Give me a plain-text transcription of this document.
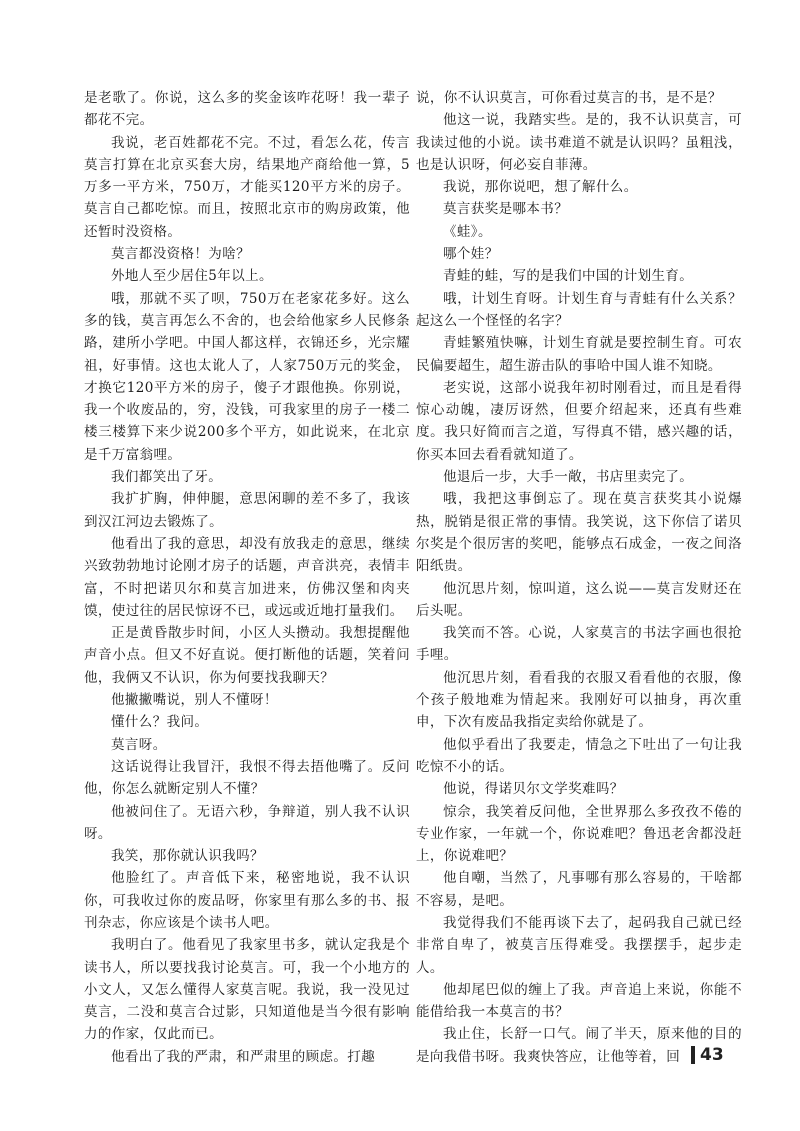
是老歌了。你说，这么多的奖金该咋花呀！我一辈子都花不完。

我说，老百姓都花不完。不过，看怎么花，传言莫言打算在北京买套大房，结果地产商给他一算，5万多一平方米，750万，才能买120平方米的房子。莫言自己都吃惊。而且，按照北京市的购房政策，他还暂时没资格。

莫言都没资格！为啥？

外地人至少居住5年以上。

哦，那就不买了呗，750万在老家花多好。这么多的钱，莫言再怎么不舍的，也会给他家乡人民修条路，建所小学吧。中国人都这样，衣锦还乡，光宗耀祖，好事情。这也太讹人了，人家750万元的奖金，才换它120平方米的房子，傻子才跟他换。你别说，我一个收废品的，穷，没钱，可我家里的房子一楼二楼三楼算下来少说200多个平方，如此说来，在北京是千万富翁哩。

我们都笑出了牙。

我扩扩胸，伸伸腿，意思闲聊的差不多了，我该到汉江河边去锻炼了。

他看出了我的意思，却没有放我走的意思，继续兴致勃勃地讨论刚才房子的话题，声音洪亮，表情丰富，不时把诺贝尔和莫言加进来，仿佛汉堡和肉夹馍，使过往的居民惊讶不已，或远或近地打量我们。

正是黄昏散步时间，小区人头攒动。我想提醒他声音小点。但又不好直说。便打断他的话题，笑着问他，我俩又不认识，你为何要找我聊天？

他撇撇嘴说，别人不懂呀！

懂什么？我问。

莫言呀。

这话说得让我冒汗，我恨不得去捂他嘴了。反问他，你怎么就断定别人不懂？

他被问住了。无语六秒，争辩道，别人我不认识呀。

我笑，那你就认识我吗？

他脸红了。声音低下来，秘密地说，我不认识你，可我收过你的废品呀，你家里有那么多的书、报刊杂志，你应该是个读书人吧。

我明白了。他看见了我家里书多，就认定我是个读书人，所以要找我讨论莫言。可，我一个小地方的小文人，又怎么懂得人家莫言呢。我说，我一没见过莫言，二没和莫言合过影，只知道他是当今很有影响力的作家，仅此而已。

他看出了我的严肃，和严肃里的顾虑。打趣

说，你不认识莫言，可你看过莫言的书，是不是？

他这一说，我踏实些。是的，我不认识莫言，可我读过他的小说。读书难道不就是认识吗？虽粗浅，也是认识呀，何必妄自菲薄。

我说，那你说吧，想了解什么。

莫言获奖是哪本书？

《蛙》。

哪个娃？

青蛙的蛙，写的是我们中国的计划生育。

哦，计划生育呀。计划生育与青蛙有什么关系？起这么一个怪怪的名字？

青蛙繁殖快嘛，计划生育就是要控制生育。可农民偏要超生，超生游击队的事哈中国人谁不知晓。

老实说，这部小说我年初时刚看过，而且是看得惊心动魄，凄厉讶然，但要介绍起来，还真有些难度。我只好简而言之道，写得真不错，感兴趣的话，你买本回去看看就知道了。

他退后一步，大手一敞，书店里卖完了。

哦，我把这事倒忘了。现在莫言获奖其小说爆热，脱销是很正常的事情。我笑说，这下你信了诺贝尔奖是个很厉害的奖吧，能够点石成金，一夜之间洛阳纸贵。

他沉思片刻，惊叫道，这么说——莫言发财还在后头呢。

我笑而不答。心说，人家莫言的书法字画也很抢手哩。

他沉思片刻，看看我的衣服又看看他的衣服，像个孩子般地难为情起来。我刚好可以抽身，再次重申，下次有废品我指定卖给你就是了。

他似乎看出了我要走，情急之下吐出了一句让我吃惊不小的话。

他说，得诺贝尔文学奖难吗？

惊佘，我笑着反问他，全世界那么多孜孜不倦的专业作家，一年就一个，你说难吧？鲁迅老舍都没赶上，你说难吧？

他自嘲，当然了，凡事哪有那么容易的，干啥都不容易，是吧。

我觉得我们不能再谈下去了，起码我自己就已经非常自卑了，被莫言压得难受。我摆摆手，起步走人。

他却尾巴似的缠上了我。声音追上来说，你能不能借给我一本莫言的书？

我止住，长舒一口气。闹了半天，原来他的目的是向我借书呀。我爽快答应，让他等着，回	43
